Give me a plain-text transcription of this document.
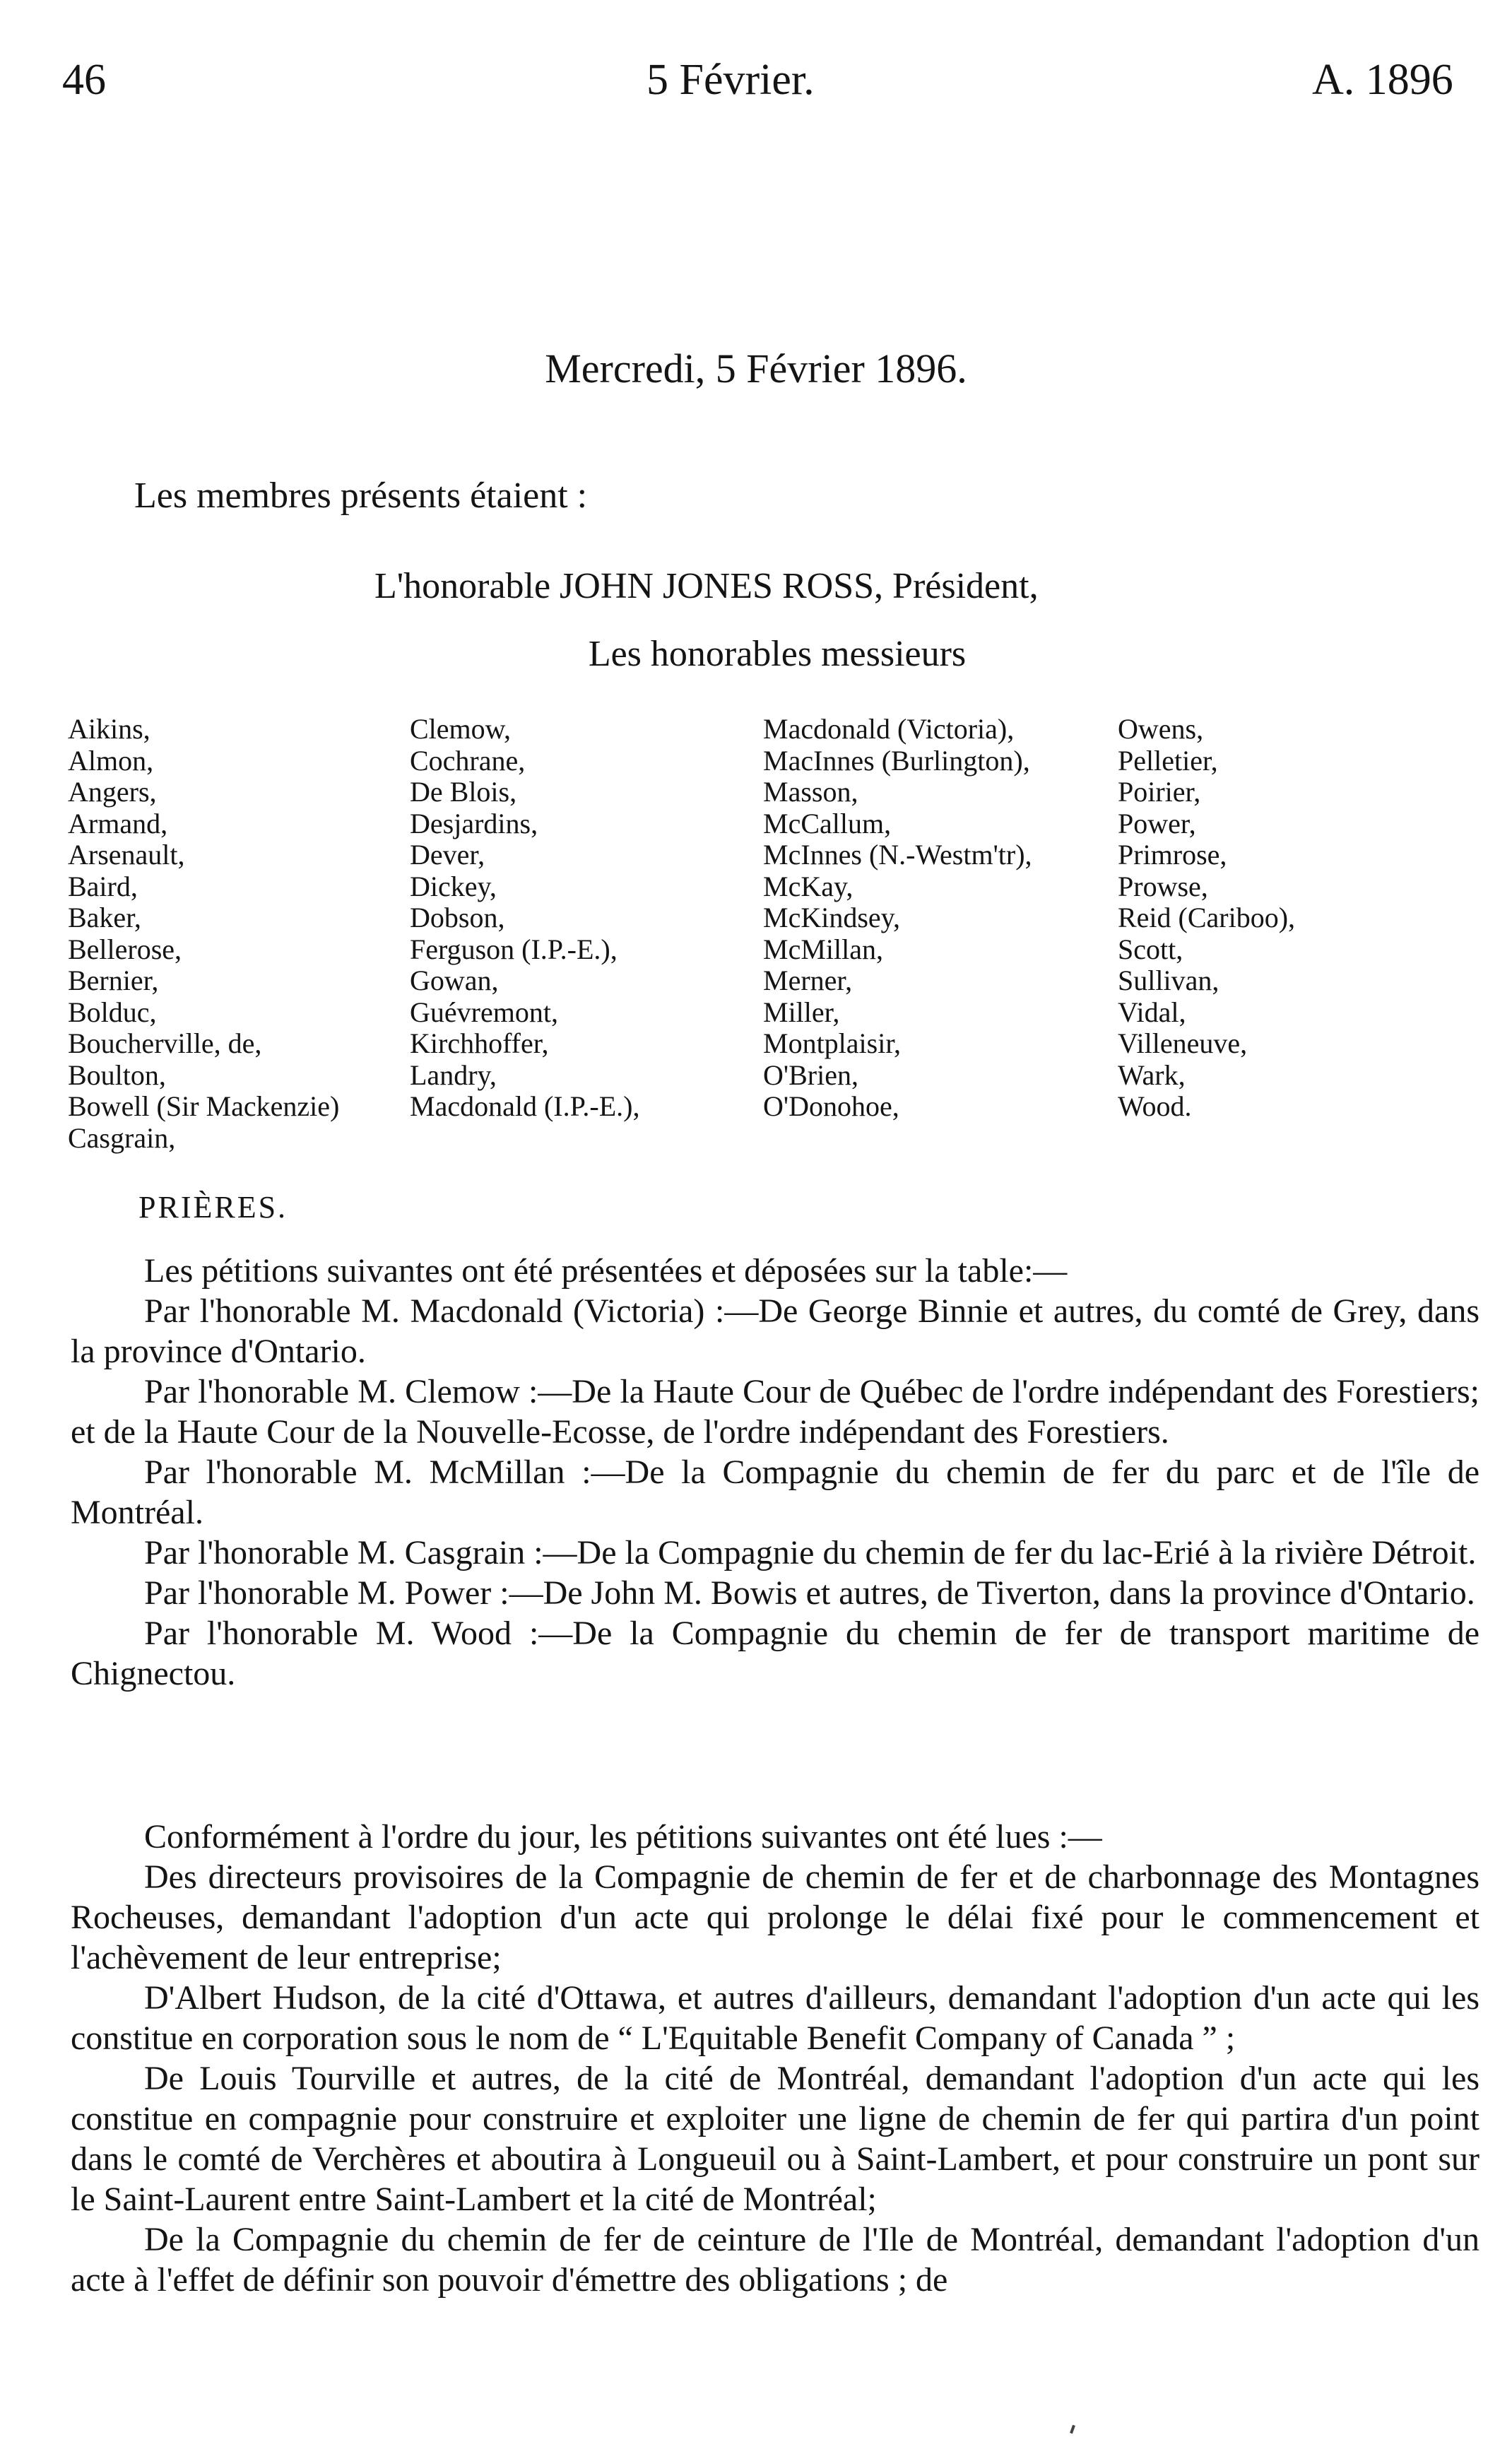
46	5 Février.	A. 1896
Mercredi, 5 Février 1896.
Les membres présents étaient :
L'honorable JOHN JONES ROSS, Président,
Les honorables messieurs
Aikins,
Almon,
Angers,
Armand,
Arsenault,
Baird,
Baker,
Bellerose,
Bernier,
Bolduc,
Boucherville, de,
Boulton,
Bowell (Sir Mackenzie)
Casgrain,
Clemow,
Cochrane,
De Blois,
Desjardins,
Dever,
Dickey,
Dobson,
Ferguson (I.P.-E.),
Gowan,
Guévremont,
Kirchhoffer,
Landry,
Macdonald (I.P.-E.),
Macdonald (Victoria),
MacInnes (Burlington),
Masson,
McCallum,
McInnes (N.-Westm'tr),
McKay,
McKindsey,
McMillan,
Merner,
Miller,
Montplaisir,
O'Brien,
O'Donohoe,
Owens,
Pelletier,
Poirier,
Power,
Primrose,
Prowse,
Reid (Cariboo),
Scott,
Sullivan,
Vidal,
Villeneuve,
Wark,
Wood.
PRIÈRES.
Les pétitions suivantes ont été présentées et déposées sur la table:—
Par l'honorable M. Macdonald (Victoria) :—De George Binnie et autres, du comté de Grey, dans la province d'Ontario.
Par l'honorable M. Clemow :—De la Haute Cour de Québec de l'ordre indépendant des Forestiers; et de la Haute Cour de la Nouvelle-Ecosse, de l'ordre indépendant des Forestiers.
Par l'honorable M. McMillan :—De la Compagnie du chemin de fer du parc et de l'île de Montréal.
Par l'honorable M. Casgrain :—De la Compagnie du chemin de fer du lac-Erié à la rivière Détroit.
Par l'honorable M. Power :—De John M. Bowis et autres, de Tiverton, dans la province d'Ontario.
Par l'honorable M. Wood :—De la Compagnie du chemin de fer de transport maritime de Chignectou.
Conformément à l'ordre du jour, les pétitions suivantes ont été lues :—
Des directeurs provisoires de la Compagnie de chemin de fer et de charbonnage des Montagnes Rocheuses, demandant l'adoption d'un acte qui prolonge le délai fixé pour le commencement et l'achèvement de leur entreprise;
D'Albert Hudson, de la cité d'Ottawa, et autres d'ailleurs, demandant l'adoption d'un acte qui les constitue en corporation sous le nom de “ L'Equitable Benefit Company of Canada ” ;
De Louis Tourville et autres, de la cité de Montréal, demandant l'adoption d'un acte qui les constitue en compagnie pour construire et exploiter une ligne de chemin de fer qui partira d'un point dans le comté de Verchères et aboutira à Longueuil ou à Saint-Lambert, et pour construire un pont sur le Saint-Laurent entre Saint-Lambert et la cité de Montréal;
De la Compagnie du chemin de fer de ceinture de l'Ile de Montréal, demandant l'adoption d'un acte à l'effet de définir son pouvoir d'émettre des obligations ; de
